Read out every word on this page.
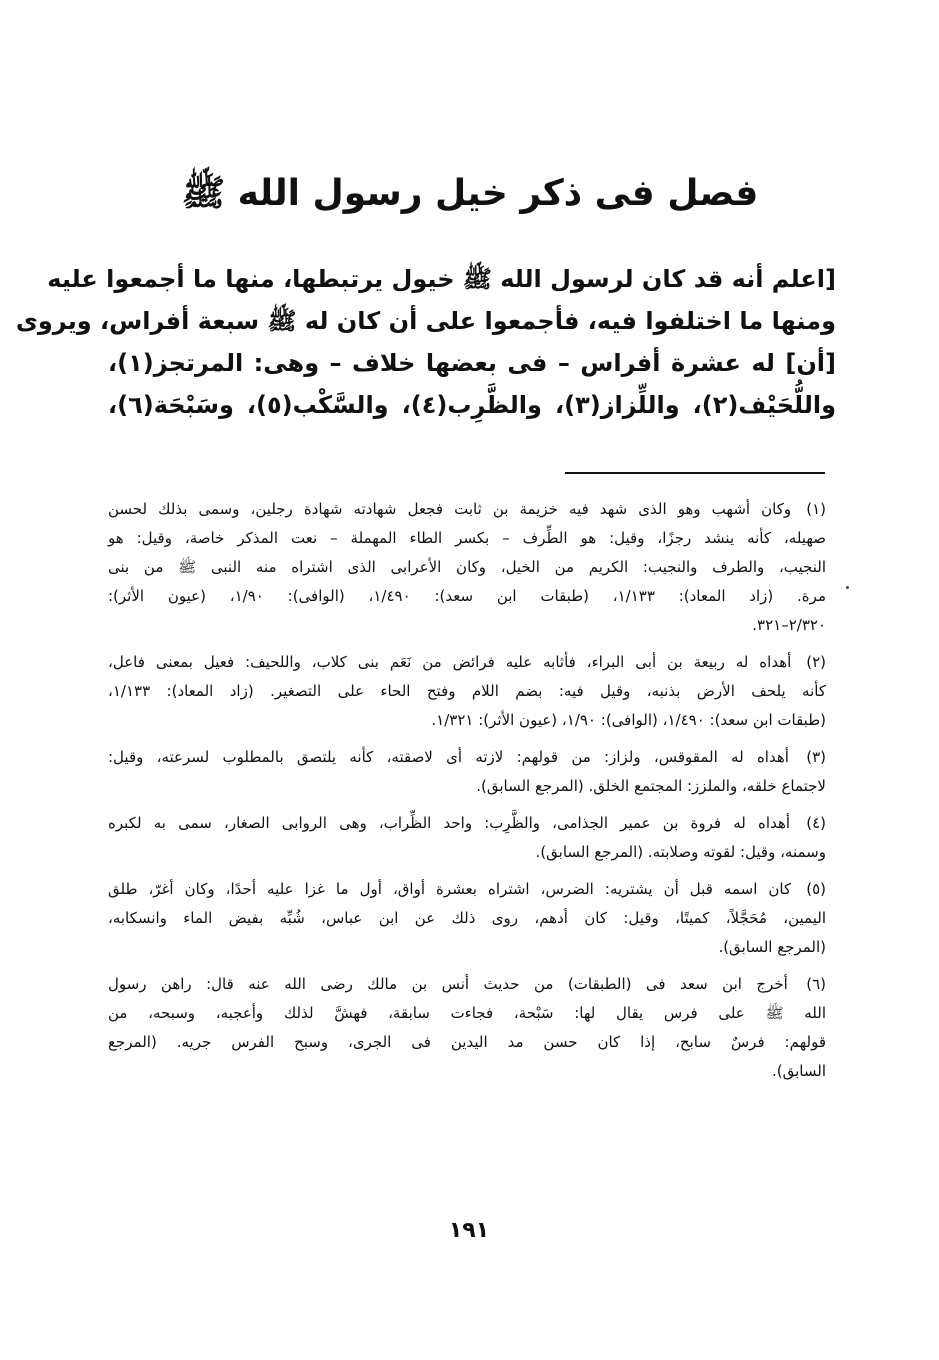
فصل فى ذكر خيل رسول الله ﷺ
[اعلم أنه قد كان لرسول الله ﷺ خيول يرتبطها، منها ما أجمعوا عليه
ومنها ما اختلفوا فيه، فأجمعوا على أن كان له ﷺ سبعة أفراس، ويروى
[أن] له عشرة أفراس – فى بعضها خلاف – وهى: المرتجز(١)،
واللُّحَيْف(٢)، واللِّزاز(٣)، والظَّرِب(٤)، والسَّكْب(٥)، وسَبْحَة(٦)،
(١) وكان أشهب وهو الذى شهد فيه خزيمة بن ثابت فجعل شهادته شهادة رجلين، وسمى بذلك لحسن
صهيله، كأنه ينشد رجزًا، وقيل: هو الطِّرف – بكسر الطاء المهملة – نعت المذكر خاصة، وقيل: هو
النجيب، والطرف والنجيب: الكريم من الخيل، وكان الأعرابى الذى اشتراه منه النبى ﷺ من بنى
مرة. (زاد المعاد): ١/١٣٣، (طبقات ابن سعد): ١/٤٩٠، (الوافى): ١/٩٠، (عيون الأثر):
٢/٣٢٠–٣٢١.
(٢) أهداه له ربيعة بن أبى البراء، فأثابه عليه فرائض من نَعَم بنى كلاب، واللحيف: فعيل بمعنى فاعل،
كأنه يلحف الأرض بذنبه، وقيل فيه: بضم اللام وفتح الحاء على التصغير. (زاد المعاد): ١/١٣٣،
(طبقات ابن سعد): ١/٤٩٠، (الوافى): ١/٩٠، (عيون الأثر): ١/٣٢١.
(٣) أهداه له المقوقس، ولزاز: من قولهم: لازته أى لاصقته، كأنه يلتصق بالمطلوب لسرعته، وقيل:
لاجتماع خلقه، والملزز: المجتمع الخلق. (المرجع السابق).
(٤) أهداه له فروة بن عمير الجذامى، والظَّرِب: واحد الظِّراب، وهى الروابى الصغار، سمى به لكبره
وسمنه، وقيل: لقوته وصلابته. (المرجع السابق).
(٥) كان اسمه قبل أن يشتريه: الضرس، اشتراه بعشرة أواق، أول ما غزا عليه أحدًا، وكان أغرّ، طلق
اليمين، مُحَجَّلاً، كميتًا، وقيل: كان أدهم، روى ذلك عن ابن عباس، شُبِّه بفيض الماء وانسكابه،
(المرجع السابق).
(٦) أخرج ابن سعد فى (الطبقات) من حديث أنس بن مالك رضى الله عنه قال: راهن رسول
الله ﷺ على فرس يقال لها: سَبْحة، فجاءت سابقة، فهشَّ لذلك وأعجبه، وسبحه، من
قولهم: فرسٌ سابح، إذا كان حسن مد اليدين فى الجرى، وسبح الفرس جريه. (المرجع
السابق).
١٩١
